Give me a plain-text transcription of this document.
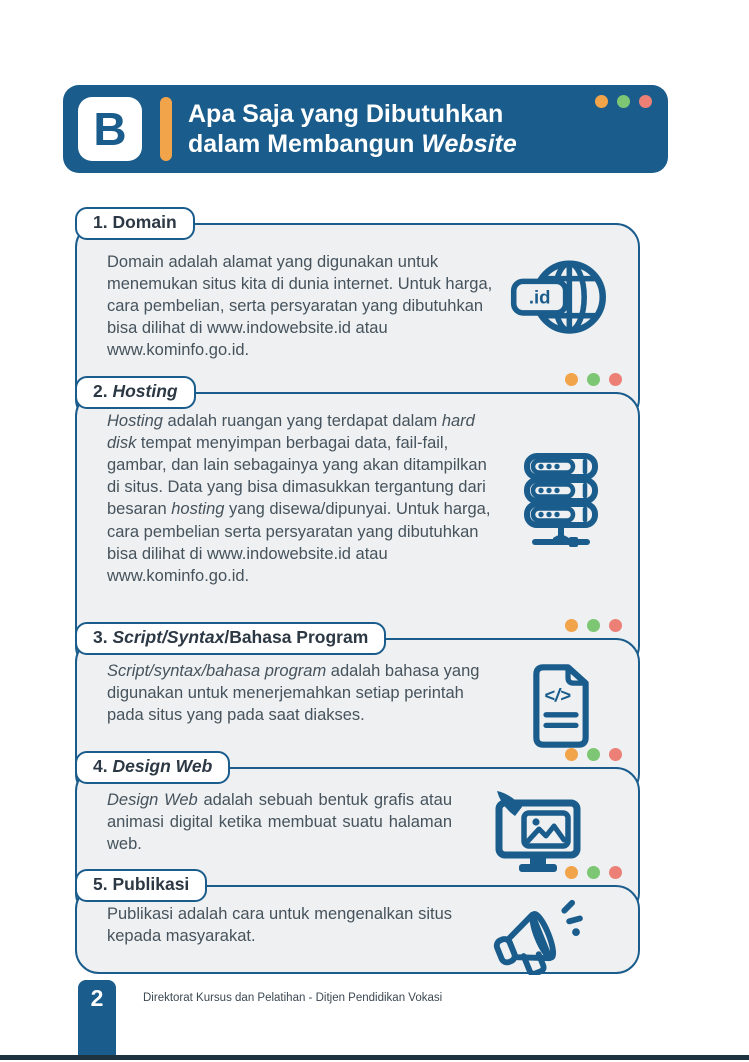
B	Apa Saja yang Dibutuhkan
dalam Membangun Website
1. Domain
Domain adalah alamat yang digunakan untuk menemukan situs kita di dunia internet. Untuk harga, cara pembelian, serta persyaratan yang dibutuhkan bisa dilihat di www.indowebsite.id atau www.kominfo.go.id.
.id
2. Hosting
Hosting adalah ruangan yang terdapat dalam hard disk tempat menyimpan berbagai data, fail-fail, gambar, dan lain sebagainya yang akan ditampilkan di situs. Data yang bisa dimasukkan tergantung dari besaran hosting yang disewa/dipunyai. Untuk harga, cara pembelian serta persyaratan yang dibutuhkan bisa dilihat di www.indowebsite.id atau www.kominfo.go.id.
3. Script/Syntax/Bahasa Program
Script/syntax/bahasa program adalah bahasa yang digunakan untuk menerjemahkan setiap perintah pada situs yang pada saat diakses.
</>
4. Design Web
Design Web adalah sebuah bentuk grafis atau animasi digital ketika membuat suatu halaman web.
5. Publikasi
Publikasi adalah cara untuk mengenalkan situs kepada masyarakat.
2	Direktorat Kursus dan Pelatihan - Ditjen Pendidikan Vokasi
